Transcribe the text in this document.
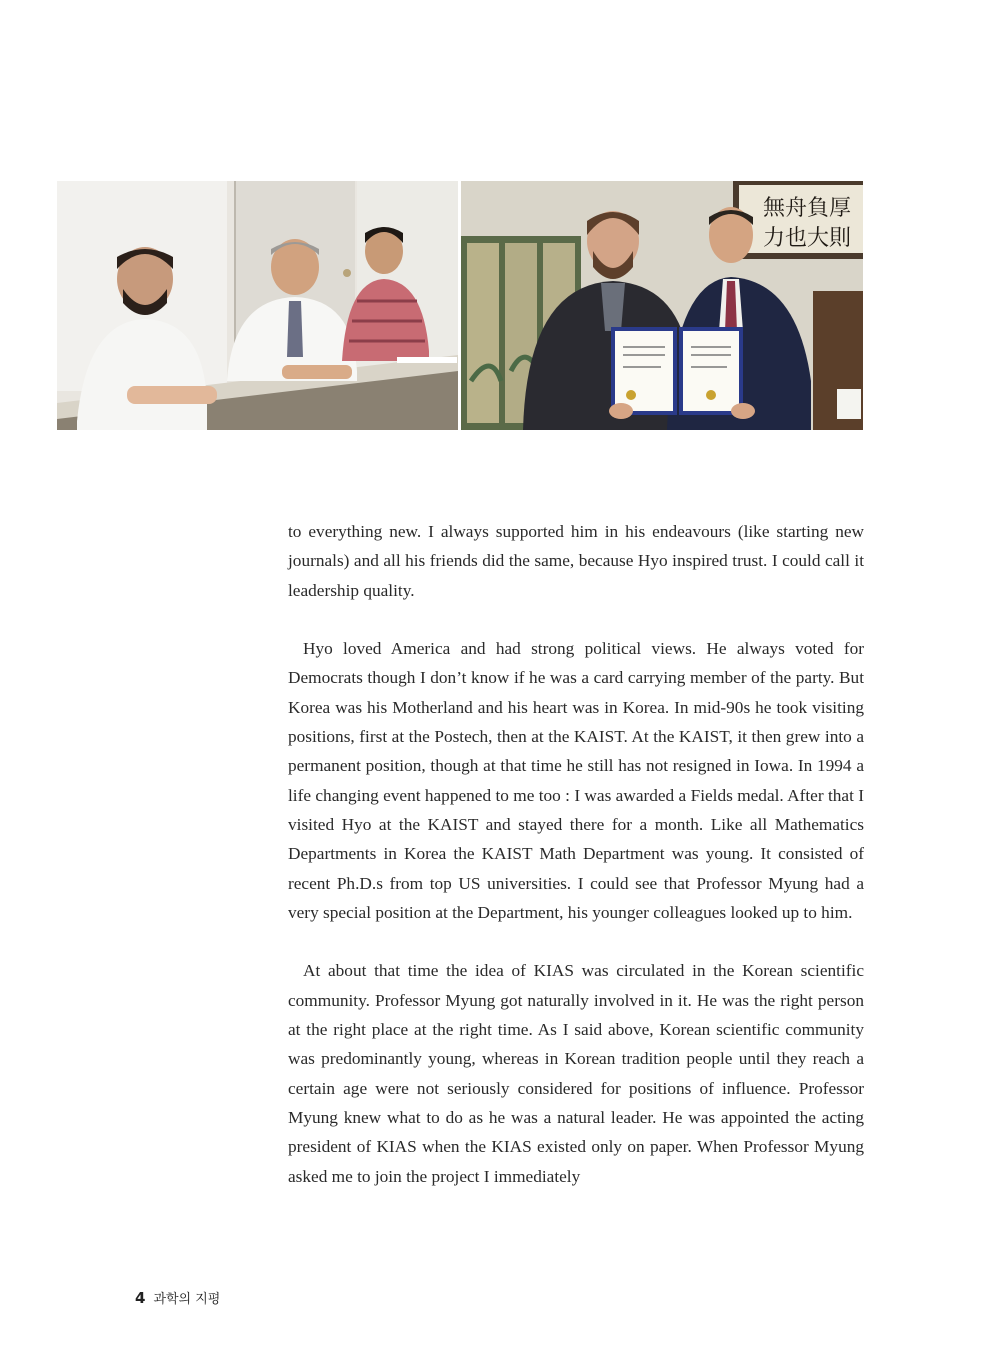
無舟負厚
力也大則

to everything new. I always supported him in his endeavours (like starting new journals) and all his friends did the same, because Hyo inspired trust. I could call it leadership quality.

Hyo loved America and had strong political views. He always voted for Democrats though I don’t know if he was a card carrying member of the party. But Korea was his Motherland and his heart was in Korea. In mid-90s he took visiting positions, first at the Postech, then at the KAIST. At the KAIST, it then grew into a permanent position, though at that time he still has not resigned in Iowa. In 1994 a life changing event happened to me too : I was awarded a Fields medal. After that I visited Hyo at the KAIST and stayed there for a month. Like all Mathematics Departments in Korea the KAIST Math Department was young. It consisted of recent Ph.D.s from top US universities. I could see that Professor Myung had a very special position at the Department, his younger colleagues looked up to him.

At about that time the idea of KIAS was circulated in the Korean scientific community. Professor Myung got naturally involved in it. He was the right person at the right place at the right time. As I said above, Korean scientific community was predominantly young, whereas in Korean tradition people until they reach a certain age were not seriously considered for positions of influence. Professor Myung knew what to do as he was a natural leader. He was appointed the acting president of KIAS when the KIAS existed only on paper. When Professor Myung asked me to join the project I immediately

4 과학의 지평
